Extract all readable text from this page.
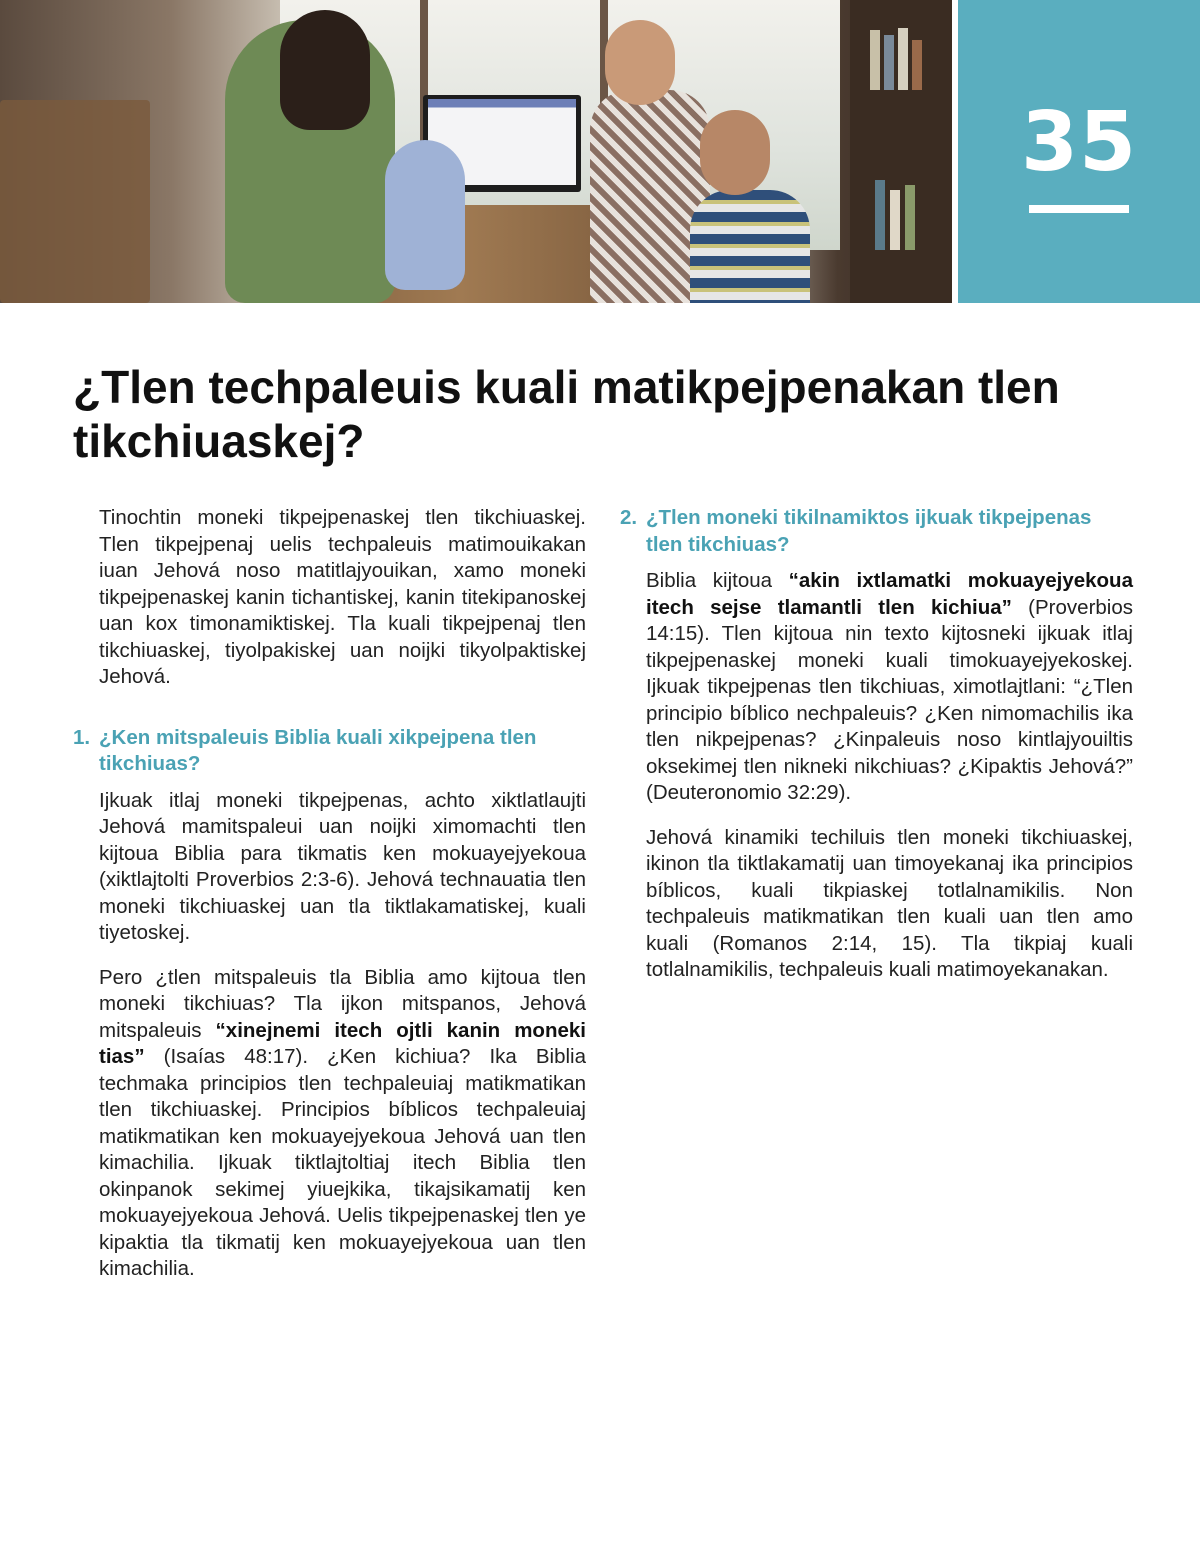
35
¿Tlen techpaleuis kuali matikpejpenakan tlen tikchiuaskej?

Tinochtin moneki tikpejpenaskej tlen tikchiuaskej. Tlen tikpejpenaj uelis techpaleuis matimouikakan iuan Jehová noso matitlajyouikan, xamo moneki tikpejpenaskej kanin tichantiskej, kanin titekipanoskej uan kox timonamiktiskej. Tla kuali tikpejpenaj tlen tikchiuaskej, tiyolpakiskej uan noijki tikyolpaktiskej Jehová.

1. ¿Ken mitspaleuis Biblia kuali xikpejpena tlen tikchiuas?

Ijkuak itlaj moneki tikpejpenas, achto xiktlatlaujti Jehová mamitspaleui uan noijki ximomachti tlen kijtoua Biblia para tikmatis ken mokuayejyekoua (xiktlajtolti Proverbios 2:3-6). Jehová technauatia tlen moneki tikchiuaskej uan tla tiktlakamatiskej, kuali tiyetoskej.

Pero ¿tlen mitspaleuis tla Biblia amo kijtoua tlen moneki tikchiuas? Tla ijkon mitspanos, Jehová mitspaleuis “xinejnemi itech ojtli kanin moneki tias” (Isaías 48:17). ¿Ken kichiua? Ika Biblia techmaka principios tlen techpaleuiaj matikmatikan tlen tikchiuaskej. Principios bíblicos techpaleuiaj matikmatikan ken mokuayejyekoua Jehová uan tlen kimachilia. Ijkuak tiktlajtoltiaj itech Biblia tlen okinpanok sekimej yiuejkika, tikajsikamatij ken mokuayejyekoua Jehová. Uelis tikpejpenaskej tlen ye kipaktia tla tikmatij ken mokuayejyekoua uan tlen kimachilia.

2. ¿Tlen moneki tikilnamiktos ijkuak tikpejpenas tlen tikchiuas?

Biblia kijtoua “akin ixtlamatki mokuayejyekoua itech sejse tlamantli tlen kichiua” (Proverbios 14:15). Tlen kijtoua nin texto kijtosneki ijkuak itlaj tikpejpenaskej moneki kuali timokuayejyekoskej. Ijkuak tikpejpenas tlen tikchiuas, ximotlajtlani: “¿Tlen principio bíblico nechpaleuis? ¿Ken nimomachilis ika tlen nikpejpenas? ¿Kinpaleuis noso kintlajyouiltis oksekimej tlen nikneki nikchiuas? ¿Kipaktis Jehová?” (Deuteronomio 32:29).

Jehová kinamiki techiluis tlen moneki tikchiuaskej, ikinon tla tiktlakamatij uan timoyekanaj ika principios bíblicos, kuali tikpiaskej totlalnamikilis. Non techpaleuis matikmatikan tlen kuali uan tlen amo kuali (Romanos 2:14, 15). Tla tikpiaj kuali totlalnamikilis, techpaleuis kuali matimoyekanakan.
